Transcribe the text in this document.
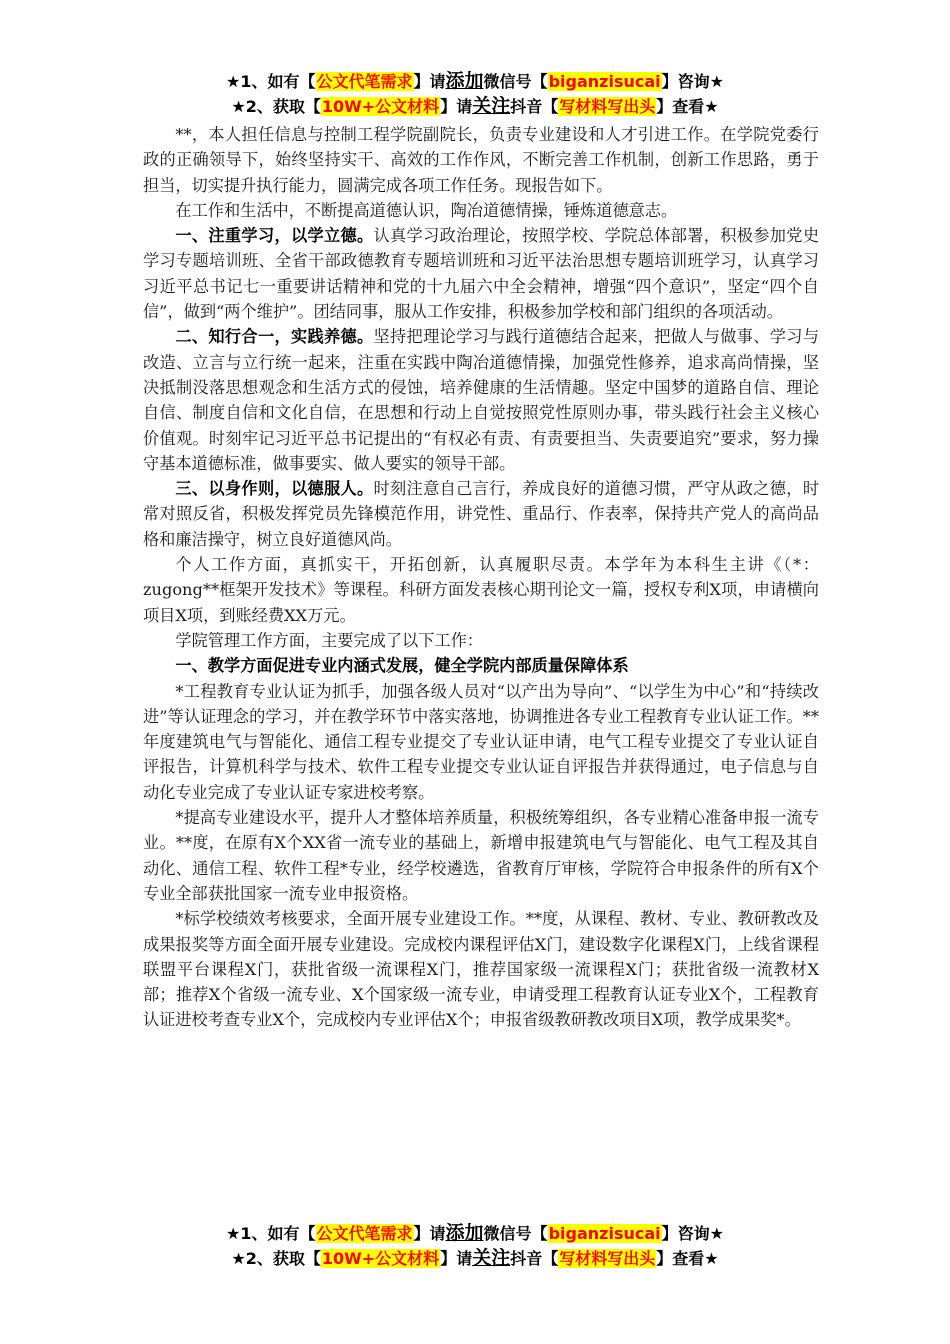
★1、如有【公文代笔需求】请添加微信号【biganzisucai】咨询★
★2、获取【10W+公文材料】请关注抖音【写材料写出头】查看★

**，本人担任信息与控制工程学院副院长，负责专业建设和人才引进工作。在学院党委行政的正确领导下，始终坚持实干、高效的工作作风，不断完善工作机制，创新工作思路，勇于担当，切实提升执行能力，圆满完成各项工作任务。现报告如下。

在工作和生活中，不断提高道德认识，陶冶道德情操，锤炼道德意志。

一、注重学习，以学立德。认真学习政治理论，按照学校、学院总体部署，积极参加党史学习专题培训班、全省干部政德教育专题培训班和习近平法治思想专题培训班学习，认真学习习近平总书记七一重要讲话精神和党的十九届六中全会精神，增强“四个意识”，坚定“四个自信”，做到“两个维护”。团结同事，服从工作安排，积极参加学校和部门组织的各项活动。

二、知行合一，实践养德。坚持把理论学习与践行道德结合起来，把做人与做事、学习与改造、立言与立行统一起来，注重在实践中陶冶道德情操，加强党性修养，追求高尚情操，坚决抵制没落思想观念和生活方式的侵蚀，培养健康的生活情趣。坚定中国梦的道路自信、理论自信、制度自信和文化自信，在思想和行动上自觉按照党性原则办事，带头践行社会主义核心价值观。时刻牢记习近平总书记提出的“有权必有责、有责要担当、失责要追究”要求，努力操守基本道德标准，做事要实、做人要实的领导干部。

三、以身作则，以德服人。时刻注意自己言行，养成良好的道德习惯，严守从政之德，时常对照反省，积极发挥党员先锋模范作用，讲党性、重品行、作表率，保持共产党人的高尚品格和廉洁操守，树立良好道德风尚。

个人工作方面，真抓实干，开拓创新，认真履职尽责。本学年为本科生主讲《（*：zugong**框架开发技术》等课程。科研方面发表核心期刊论文一篇，授权专利X项，申请横向项目X项，到账经费XX万元。

学院管理工作方面，主要完成了以下工作：

一、教学方面促进专业内涵式发展，健全学院内部质量保障体系

*工程教育专业认证为抓手，加强各级人员对“以产出为导向”、“以学生为中心”和“持续改进”等认证理念的学习，并在教学环节中落实落地，协调推进各专业工程教育专业认证工作。**年度建筑电气与智能化、通信工程专业提交了专业认证申请，电气工程专业提交了专业认证自评报告，计算机科学与技术、软件工程专业提交专业认证自评报告并获得通过，电子信息与自动化专业完成了专业认证专家进校考察。

*提高专业建设水平，提升人才整体培养质量，积极统筹组织，各专业精心准备申报一流专业。**度，在原有X个XX省一流专业的基础上，新增申报建筑电气与智能化、电气工程及其自动化、通信工程、软件工程*专业，经学校遴选，省教育厅审核，学院符合申报条件的所有X个专业全部获批国家一流专业申报资格。

*标学校绩效考核要求，全面开展专业建设工作。**度，从课程、教材、专业、教研教改及成果报奖等方面全面开展专业建设。完成校内课程评估X门，建设数字化课程X门，上线省课程联盟平台课程X门，获批省级一流课程X门，推荐国家级一流课程X门；获批省级一流教材X部；推荐X个省级一流专业、X个国家级一流专业，申请受理工程教育认证专业X个，工程教育认证进校考查专业X个，完成校内专业评估X个；申报省级教研教改项目X项，教学成果奖*。

★1、如有【公文代笔需求】请添加微信号【biganzisucai】咨询★
★2、获取【10W+公文材料】请关注抖音【写材料写出头】查看★
